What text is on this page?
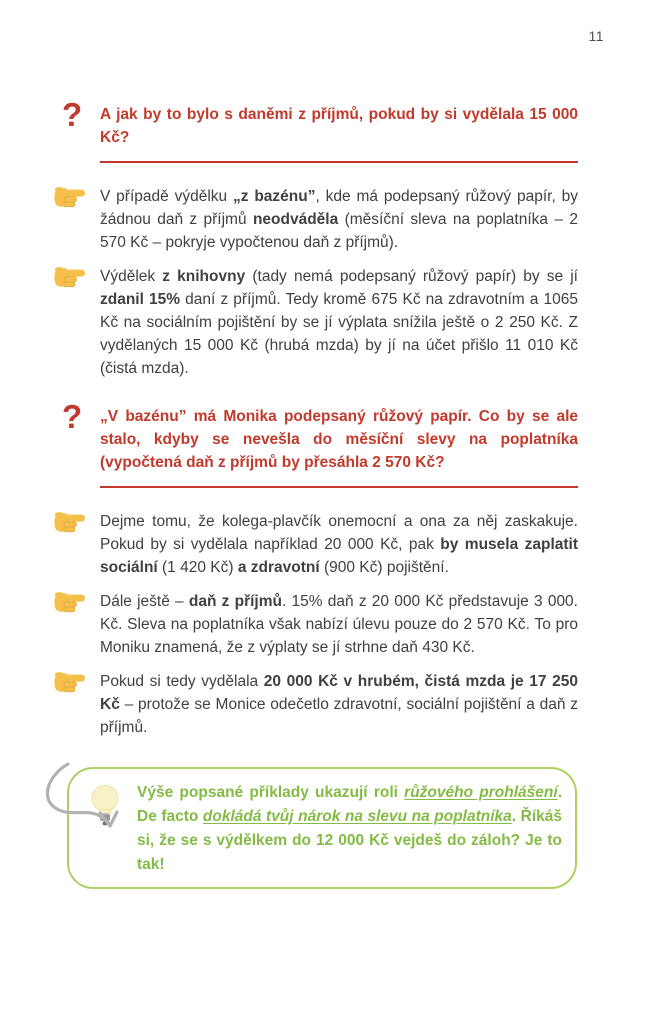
11
? A jak by to bylo s daněmi z příjmů, pokud by si vydělala 15 000 Kč?

V případě výdělku „z bazénu”, kde má podepsaný růžový papír, by žádnou daň z příjmů neodváděla (měsíční sleva na poplatníka – 2 570 Kč – pokryje vypočtenou daň z příjmů).

Výdělek z knihovny (tady nemá podepsaný růžový papír) by se jí zdanil 15% daní z příjmů. Tedy kromě 675 Kč na zdravotním a 1065 Kč na sociálním pojištění by se jí výplata snížila ještě o 2 250 Kč. Z vydělaných 15 000 Kč (hrubá mzda) by jí na účet přišlo 11 010 Kč (čistá mzda).

? „V bazénu” má Monika podepsaný růžový papír. Co by se ale stalo, kdyby se nevešla do měsíční slevy na poplatníka (vypočtená daň z příjmů by přesáhla 2 570 Kč?

Dejme tomu, že kolega-plavčík onemocní a ona za něj zaskakuje. Pokud by si vydělala například 20 000 Kč, pak by musela zaplatit sociální (1 420 Kč) a zdravotní (900 Kč) pojištění.

Dále ještě – daň z příjmů. 15% daň z 20 000 Kč představuje 3 000. Kč. Sleva na poplatníka však nabízí úlevu pouze do 2 570 Kč. To pro Moniku znamená, že z výplaty se jí strhne daň 430 Kč.

Pokud si tedy vydělala 20 000 Kč v hrubém, čistá mzda je 17 250 Kč – protože se Monice odečetlo zdravotní, sociální pojištění a daň z příjmů.

Výše popsané příklady ukazují roli růžového prohlášení. De facto dokládá tvůj nárok na slevu na poplatníka. Říkáš si, že se s výdělkem do 12 000 Kč vejdeš do záloh? Je to tak!
